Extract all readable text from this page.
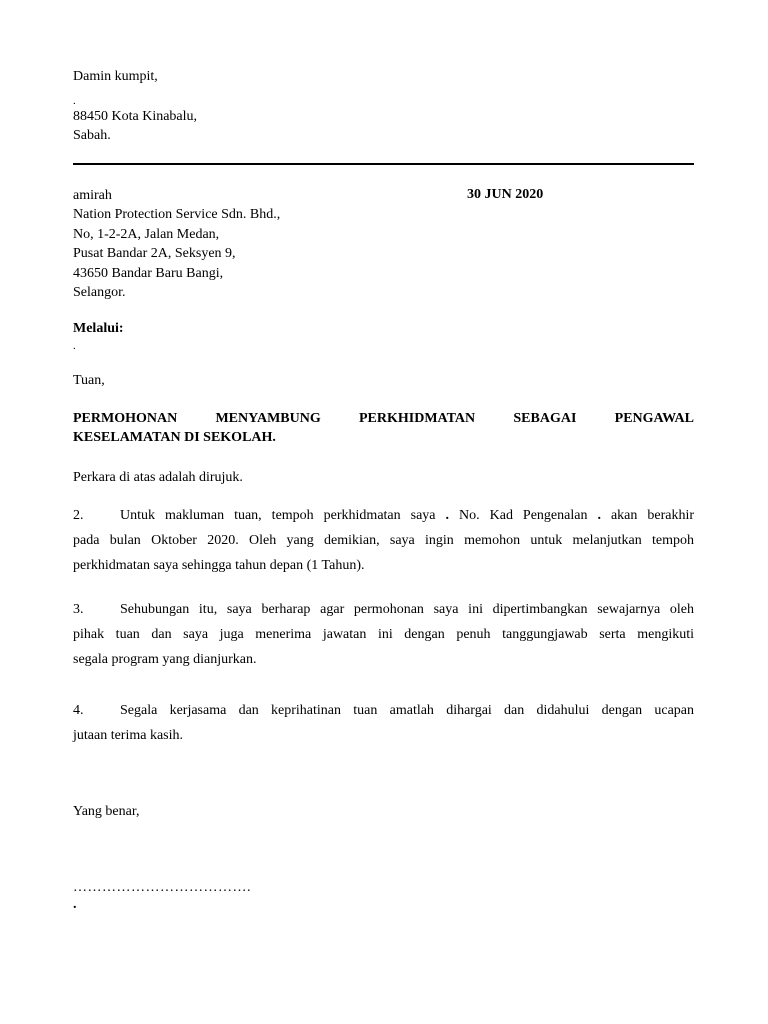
Damin kumpit,
.
88450 Kota Kinabalu,
Sabah.
amirah	30 JUN 2020
Nation Protection Service Sdn. Bhd.,
No, 1-2-2A, Jalan Medan,
Pusat Bandar 2A, Seksyen 9,
43650 Bandar Baru Bangi,
Selangor.
Melalui:
.
Tuan,
PERMOHONAN MENYAMBUNG PERKHIDMATAN SEBAGAI PENGAWAL
KESELAMATAN DI SEKOLAH.
Perkara di atas adalah dirujuk.
2.	Untuk makluman tuan, tempoh perkhidmatan saya . No. Kad Pengenalan . akan berakhir
pada bulan Oktober 2020. Oleh yang demikian, saya ingin memohon untuk melanjutkan tempoh
perkhidmatan saya sehingga tahun depan (1 Tahun).
3.	Sehubungan itu, saya berharap agar permohonan saya ini dipertimbangkan sewajarnya oleh
pihak tuan dan saya juga menerima jawatan ini dengan penuh tanggungjawab serta mengikuti
segala program yang dianjurkan.
4.	Segala kerjasama dan keprihatinan tuan amatlah dihargai dan didahului dengan ucapan
jutaan terima kasih.
Yang benar,
……………………………….
.
